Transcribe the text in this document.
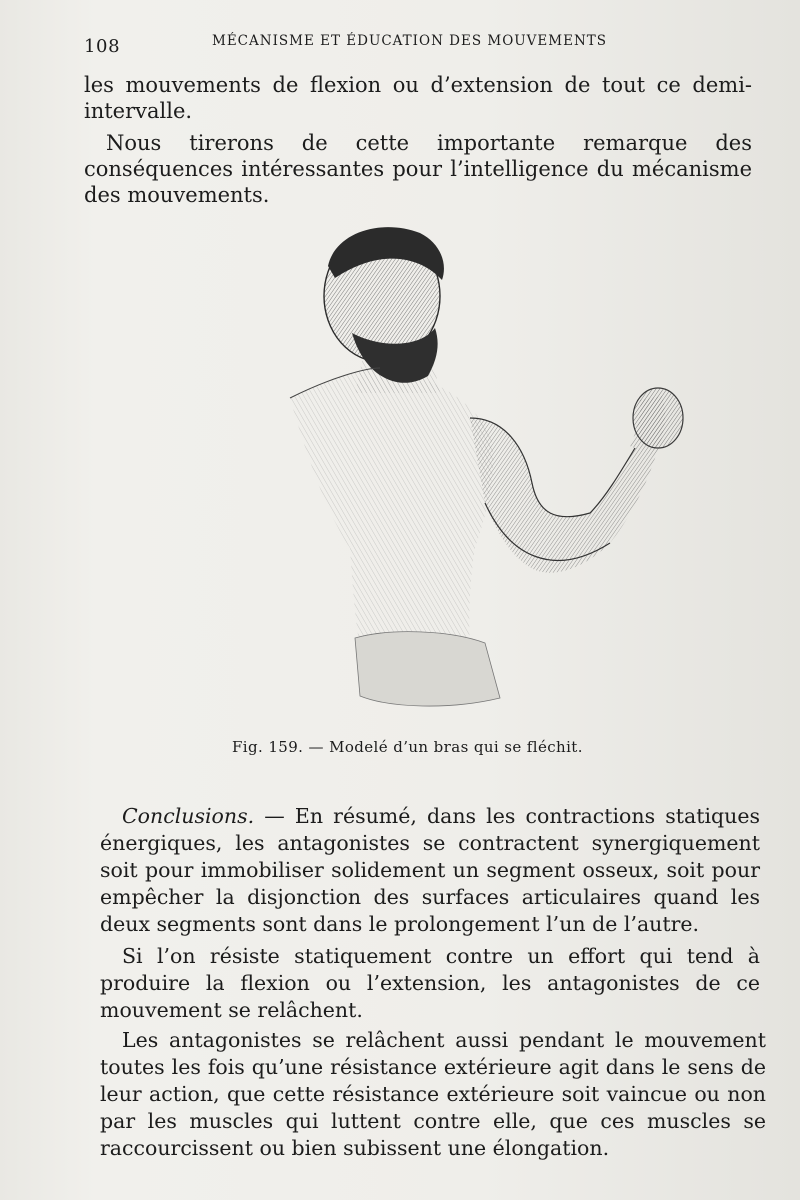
108	MÉCANISME ET ÉDUCATION DES MOUVEMENTS

les mouvements de flexion ou d’extension de tout ce demi-intervalle.

Nous tirerons de cette importante remarque des conséquences intéressantes pour l’intelligence du mécanisme des mouvements.

Fig. 159. — Modelé d’un bras qui se fléchit.

Conclusions. — En résumé, dans les contractions statiques énergiques, les antagonistes se contractent synergiquement soit pour immobiliser solidement un segment osseux, soit pour empêcher la disjonction des surfaces articulaires quand les deux segments sont dans le prolongement l’un de l’autre.

Si l’on résiste statiquement contre un effort qui tend à produire la flexion ou l’extension, les antagonistes de ce mouvement se relâchent.

Les antagonistes se relâchent aussi pendant le mouvement toutes les fois qu’une résistance extérieure agit dans le sens de leur action, que cette résistance extérieure soit vaincue ou non par les muscles qui luttent contre elle, que ces muscles se raccourcissent ou bien subissent une élongation.
